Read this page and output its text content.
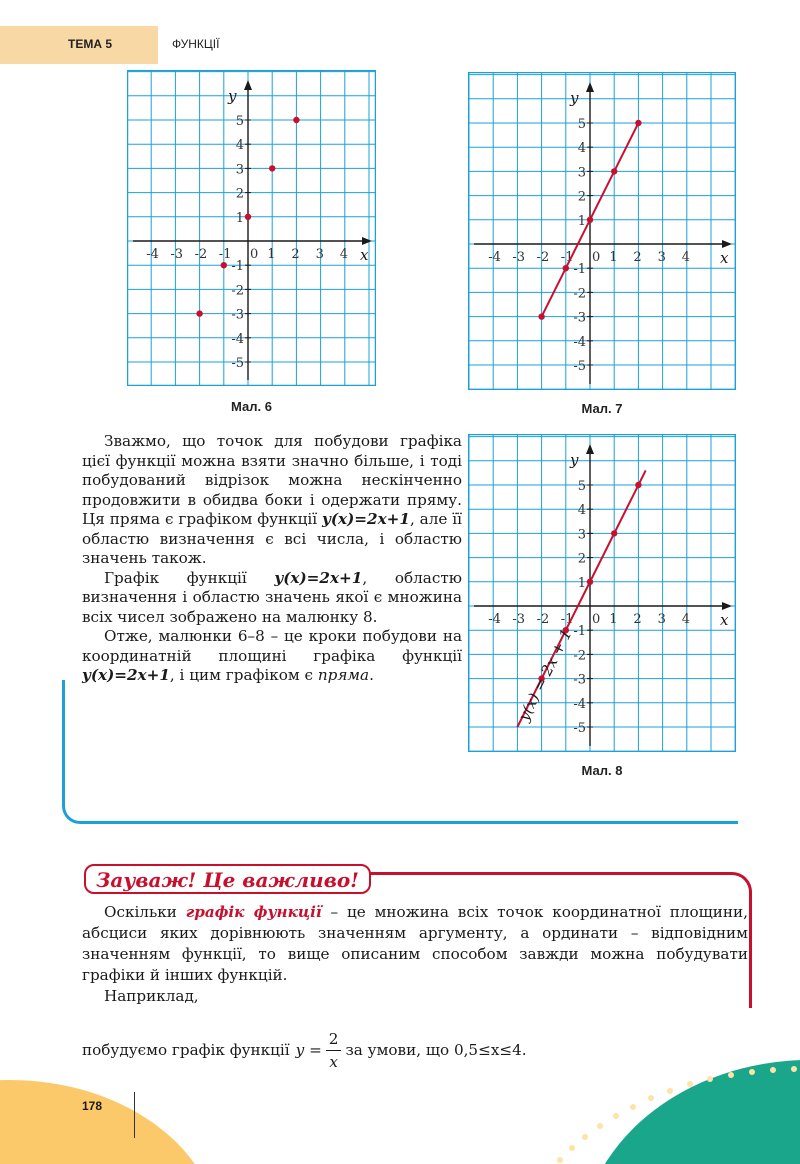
ТЕМА 5	ФУНКЦІЇ
-4 -3 -2 -1 0 1 2 3 4
5
4
3
2
1
-1
-2
-3
-4
-5
x
y
Мал. 6
-4 -3 -2 -1 0 1 2 3 4
5
4
3
2
1
-1
-2
-3
-4
-5
x
y
Мал. 7
-4 -3 -2 -1 0 1 2 3 4
5
4
3
2
1
-1
-2
-3
-4
-5
x
y
y(x) = 2x + 1
Мал. 8

Зважмо, що точок для побудови графіка цієї функції можна взяти значно більше, і тоді побудований відрізок можна нескінченно продовжити в обидва боки і одержати пряму. Ця пряма є графіком функції y(x)=2x+1, але її областю визначення є всі числа, і областю значень також.

Графік функції y(x)=2x+1, областю визначення і областю значень якої є множина всіх чисел зображено на малюнку 8.

Отже, малюнки 6–8 – це кроки побудови на координатній площині графіка функції y(x)=2x+1, і цим графіком є пряма.

Зауваж! Це важливо!

Оскільки графік функції – це множина всіх точок координатної площини, абсциси яких дорівнюють значенням аргументу, а ординати – відповідним значенням функції, то вище описаним способом завжди можна побудувати графіки й інших функцій.

Наприклад,

побудуємо графік функції $y = \frac{2}{x}$ за умови, що 0,5≤x≤4.
178
